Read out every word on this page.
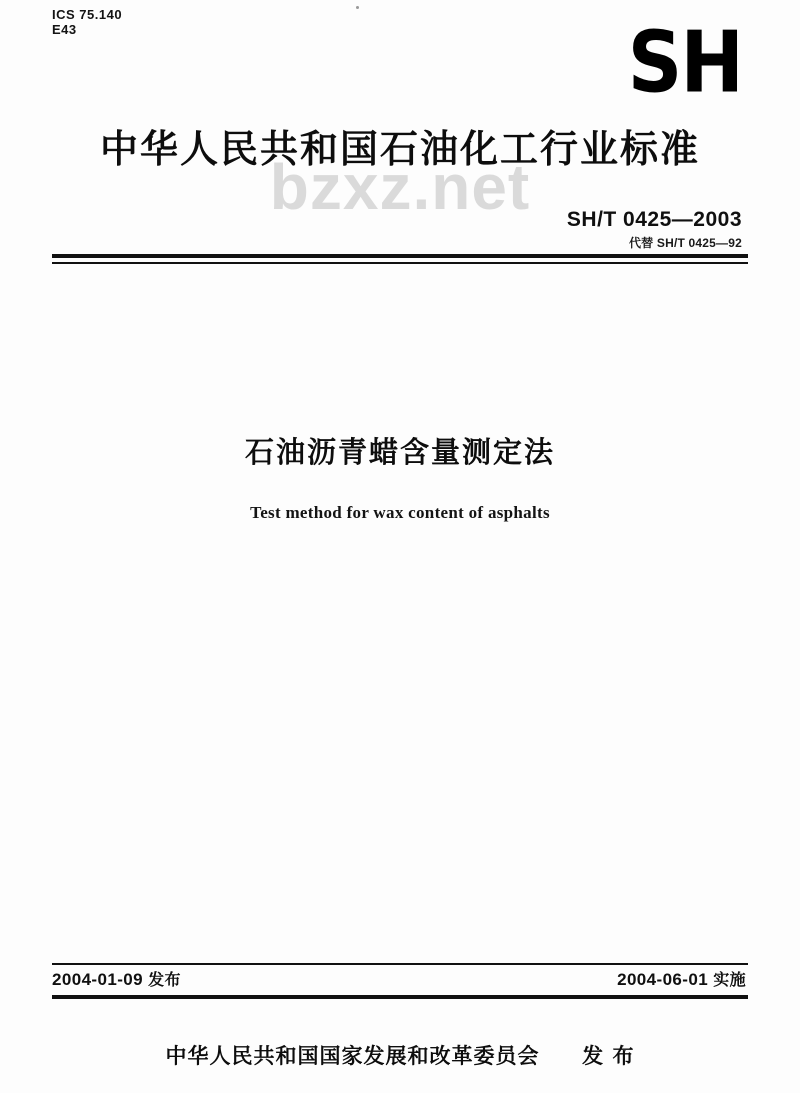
ICS 75.140
E43	SH
中华人民共和国石油化工行业标准
bzxz.net	SH/T 0425—2003
代替 SH/T 0425—92
石油沥青蜡含量测定法
Test method for wax content of asphalts
2004-01-09 发布	2004-06-01 实施
中华人民共和国国家发展和改革委员会 发 布
